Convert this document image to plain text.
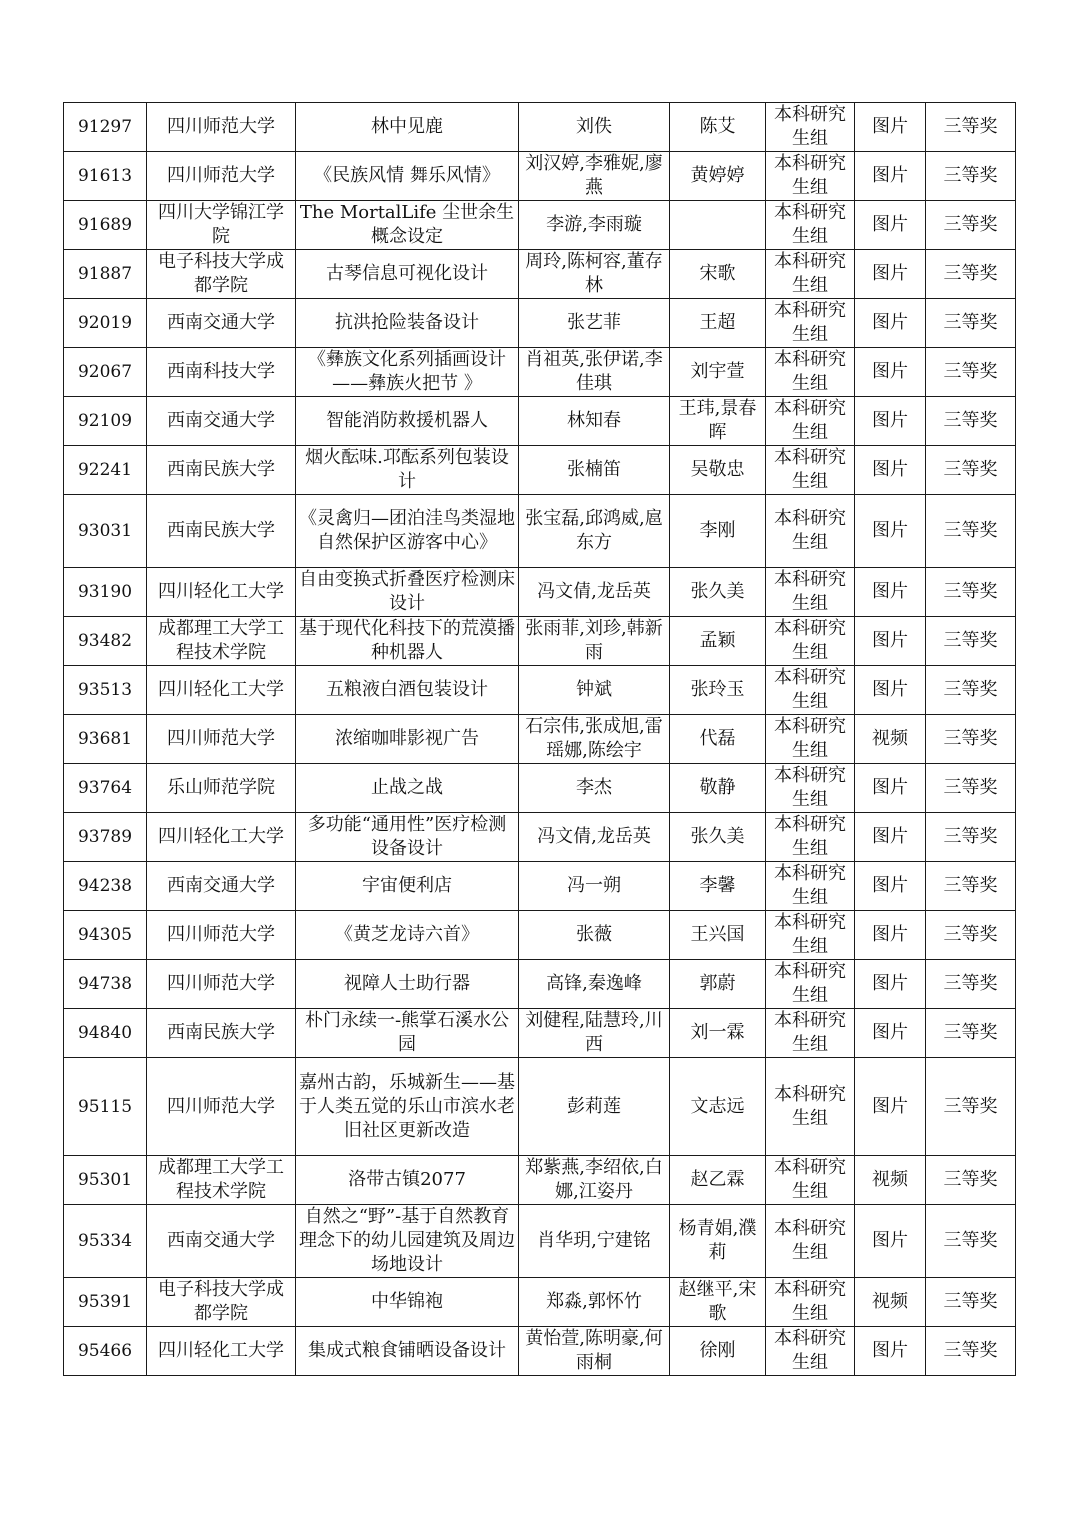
91297	四川师范大学	林中见鹿	刘佚	陈艾	本科研究生组	图片	三等奖
91613	四川师范大学	《民族风情 舞乐风情》	刘汉婷,李雅妮,廖燕	黄婷婷	本科研究生组	图片	三等奖
91689	四川大学锦江学院	The MortalLife 尘世余生概念设定	李游,李雨璇		本科研究生组	图片	三等奖
91887	电子科技大学成都学院	古琴信息可视化设计	周玲,陈柯容,董存林	宋歌	本科研究生组	图片	三等奖
92019	西南交通大学	抗洪抢险装备设计	张艺菲	王超	本科研究生组	图片	三等奖
92067	西南科技大学	《彝族文化系列插画设计——彝族火把节 》	肖祖英,张伊诺,李佳琪	刘宇萱	本科研究生组	图片	三等奖
92109	西南交通大学	智能消防救援机器人	林知春	王玮,景春晖	本科研究生组	图片	三等奖
92241	西南民族大学	烟火酝味.邛酝系列包装设计	张楠笛	吴敬忠	本科研究生组	图片	三等奖
93031	西南民族大学	《灵禽归—团泊洼鸟类湿地自然保护区游客中心》	张宝磊,邱鸿威,扈东方	李刚	本科研究生组	图片	三等奖
93190	四川轻化工大学	自由变换式折叠医疗检测床设计	冯文倩,龙岳英	张久美	本科研究生组	图片	三等奖
93482	成都理工大学工程技术学院	基于现代化科技下的荒漠播种机器人	张雨菲,刘珍,韩新雨	孟颖	本科研究生组	图片	三等奖
93513	四川轻化工大学	五粮液白酒包装设计	钟斌	张玲玉	本科研究生组	图片	三等奖
93681	四川师范大学	浓缩咖啡影视广告	石宗伟,张成旭,雷瑶娜,陈绘宇	代磊	本科研究生组	视频	三等奖
93764	乐山师范学院	止战之战	李杰	敬静	本科研究生组	图片	三等奖
93789	四川轻化工大学	多功能“通用性”医疗检测设备设计	冯文倩,龙岳英	张久美	本科研究生组	图片	三等奖
94238	西南交通大学	宇宙便利店	冯一朔	李馨	本科研究生组	图片	三等奖
94305	四川师范大学	《黄芝龙诗六首》	张薇	王兴国	本科研究生组	图片	三等奖
94738	四川师范大学	视障人士助行器	高锋,秦逸峰	郭蔚	本科研究生组	图片	三等奖
94840	西南民族大学	朴门永续一-熊掌石溪水公园	刘健程,陆慧玲,川西	刘一霖	本科研究生组	图片	三等奖
95115	四川师范大学	嘉州古韵，乐城新生——基于人类五觉的乐山市滨水老旧社区更新改造	彭莉莲	文志远	本科研究生组	图片	三等奖
95301	成都理工大学工程技术学院	洛带古镇2077	郑紫燕,李绍依,白娜,江姿丹	赵乙霖	本科研究生组	视频	三等奖
95334	西南交通大学	自然之“野”-基于自然教育理念下的幼儿园建筑及周边场地设计	肖华玥,宁建铭	杨青娟,濮莉	本科研究生组	图片	三等奖
95391	电子科技大学成都学院	中华锦袍	郑淼,郭怀竹	赵继平,宋歌	本科研究生组	视频	三等奖
95466	四川轻化工大学	集成式粮食铺晒设备设计	黄怡萱,陈明豪,何雨桐	徐刚	本科研究生组	图片	三等奖
